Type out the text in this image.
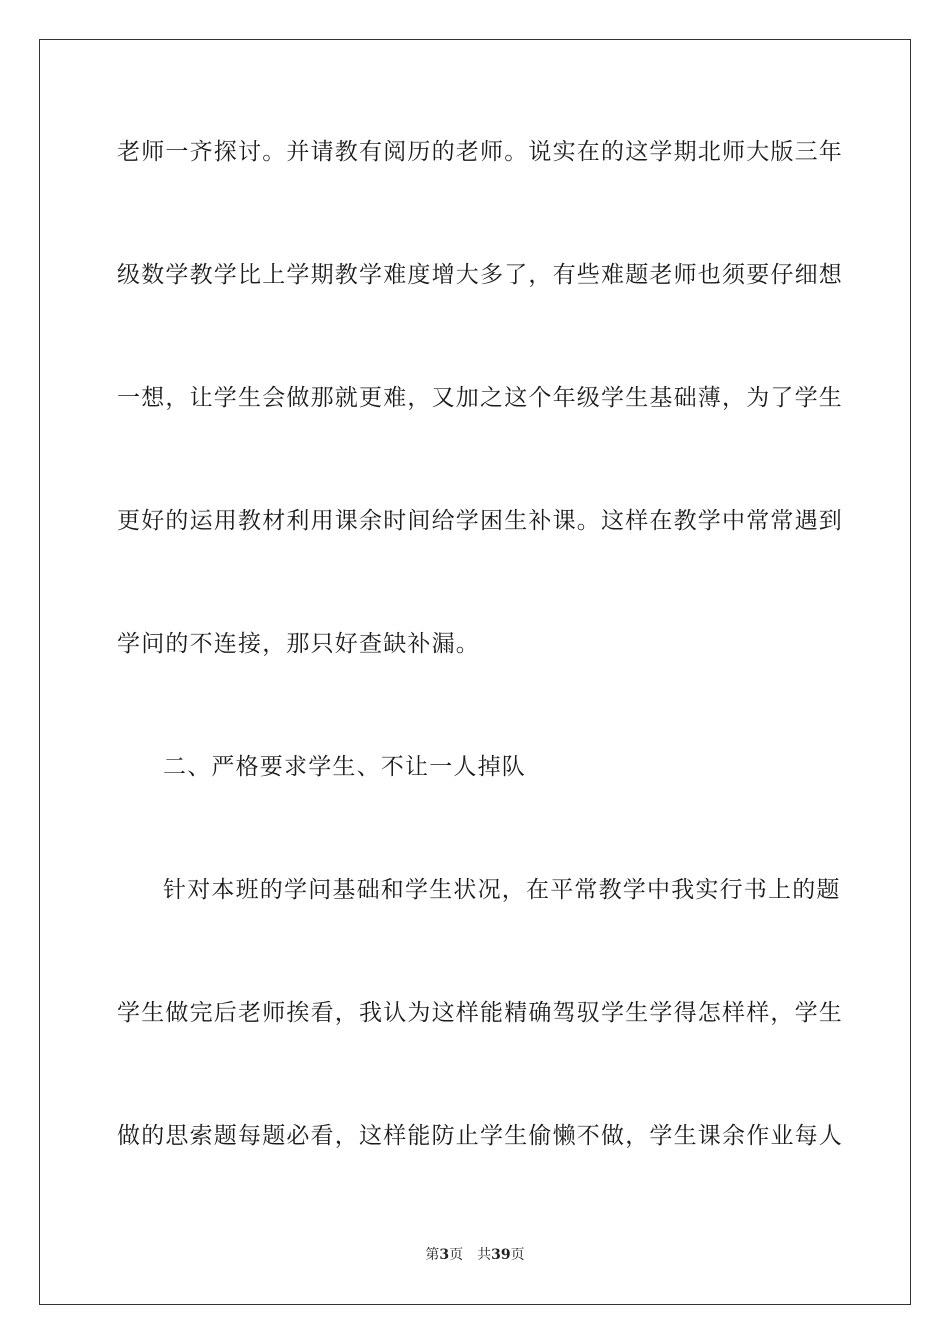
老师一齐探讨。并请教有阅历的老师。说实在的这学期北师大版三年
级数学教学比上学期教学难度增大多了，有些难题老师也须要仔细想
一想，让学生会做那就更难，又加之这个年级学生基础薄，为了学生
更好的运用教材利用课余时间给学困生补课。这样在教学中常常遇到
学问的不连接，那只好查缺补漏。
二、严格要求学生、不让一人掉队
针对本班的学问基础和学生状况，在平常教学中我实行书上的题
学生做完后老师挨看，我认为这样能精确驾驭学生学得怎样样，学生
做的思索题每题必看，这样能防止学生偷懒不做，学生课余作业每人
第3页 共39页
